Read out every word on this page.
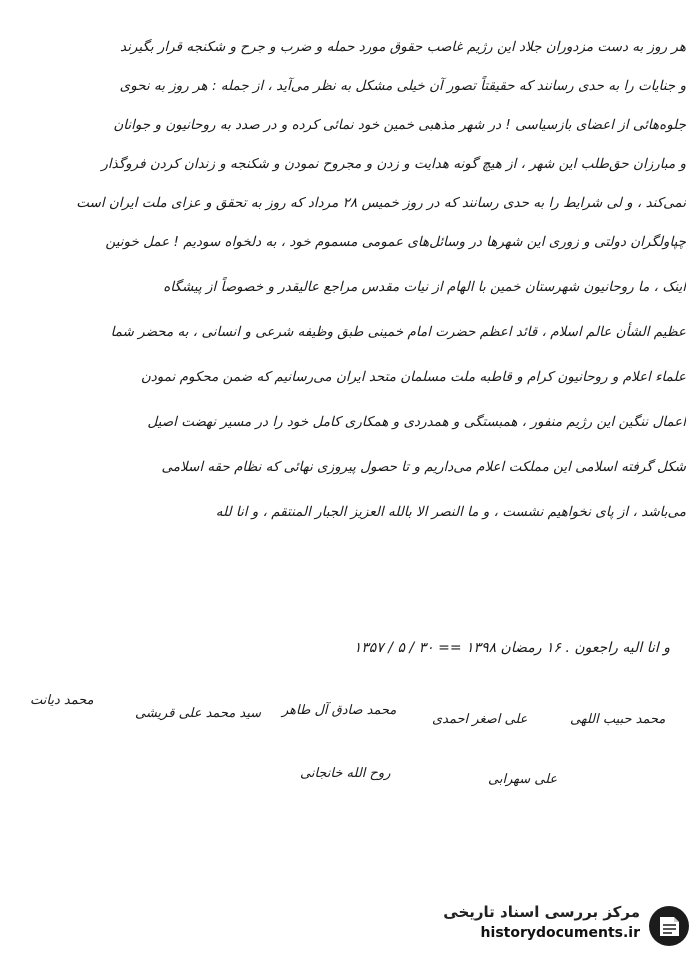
هر روز به دست مزدوران جلاد این رژیم غاصب حقوق مورد حمله و ضرب و جرح و شکنجه قرار بگیرند
و جنایات را به حد‌ی رسانند که حقیقتاً تصور آن خیلی مشکل به نظر می‌آید ، از جمله : هر روز به نحوی
جلوه‌هائی از اعضای بازسیاسی ! در شهر مذهبی خمین خود نمائی کرده و در صدد به روحانیون و جوانان
و مبارزان حق‌طلب این شهر ، از هیچ گونه هدایت و زدن و مجروح نمودن و شکنجه و زندان کردن فروگذار
نمی‌کند ، و لی شرایط را به حد‌ی رسانند که در روز خمیس ۲۸ مرداد که روز به تحقق و عزای ملت ایران است
چپاولگران دولتی و زوری این شهرها در وسائل‌های عمومی مسموم خود ، به دلخواه سودیم ! عمل خونین
اینک ، ما روحانیون شهرستان خمین با الهام از نیات مقدس مراجع عالیقدر و خصوصاً از پیشگاه
عظیم الشأن عالم اسلام ، قائد اعظم حضرت امام خمینی طبق وظیفه شرعی و انسانی ، به محضر شما
علماء اعلام و روحانیون کرام و قاطبه ملت مسلمان متحد ایران می‌رسانیم که ضمن محکوم نمودن
اعمال ننگین این رژیم منفور ، همبستگی و همدردی و همکاری کامل خود را در مسیر نهضت اصیل
شکل گرفته اسلامی این مملکت اعلام می‌داریم و تا حصول پیروزی نهائی که نظام حقه اسلامی
می‌باشد ، از پای نخواهیم نشست ، و ما النصر الا بالله العزیز الجبار المنتقم ، و انا لله
و انا الیه راجعون . ۱۶ رمضان ۱۳۹۸ == ۳۰ / ۵ / ۱۳۵۷
محمد حبیب اللهی
علی اصغر احمدی
محمد صادق آل طاهر
سید محمد علی قریشی
محمد دیانت
علی سهرابی
روح الله خانجانی
مرکز بررسی اسناد تاریخی
historydocuments.ir
